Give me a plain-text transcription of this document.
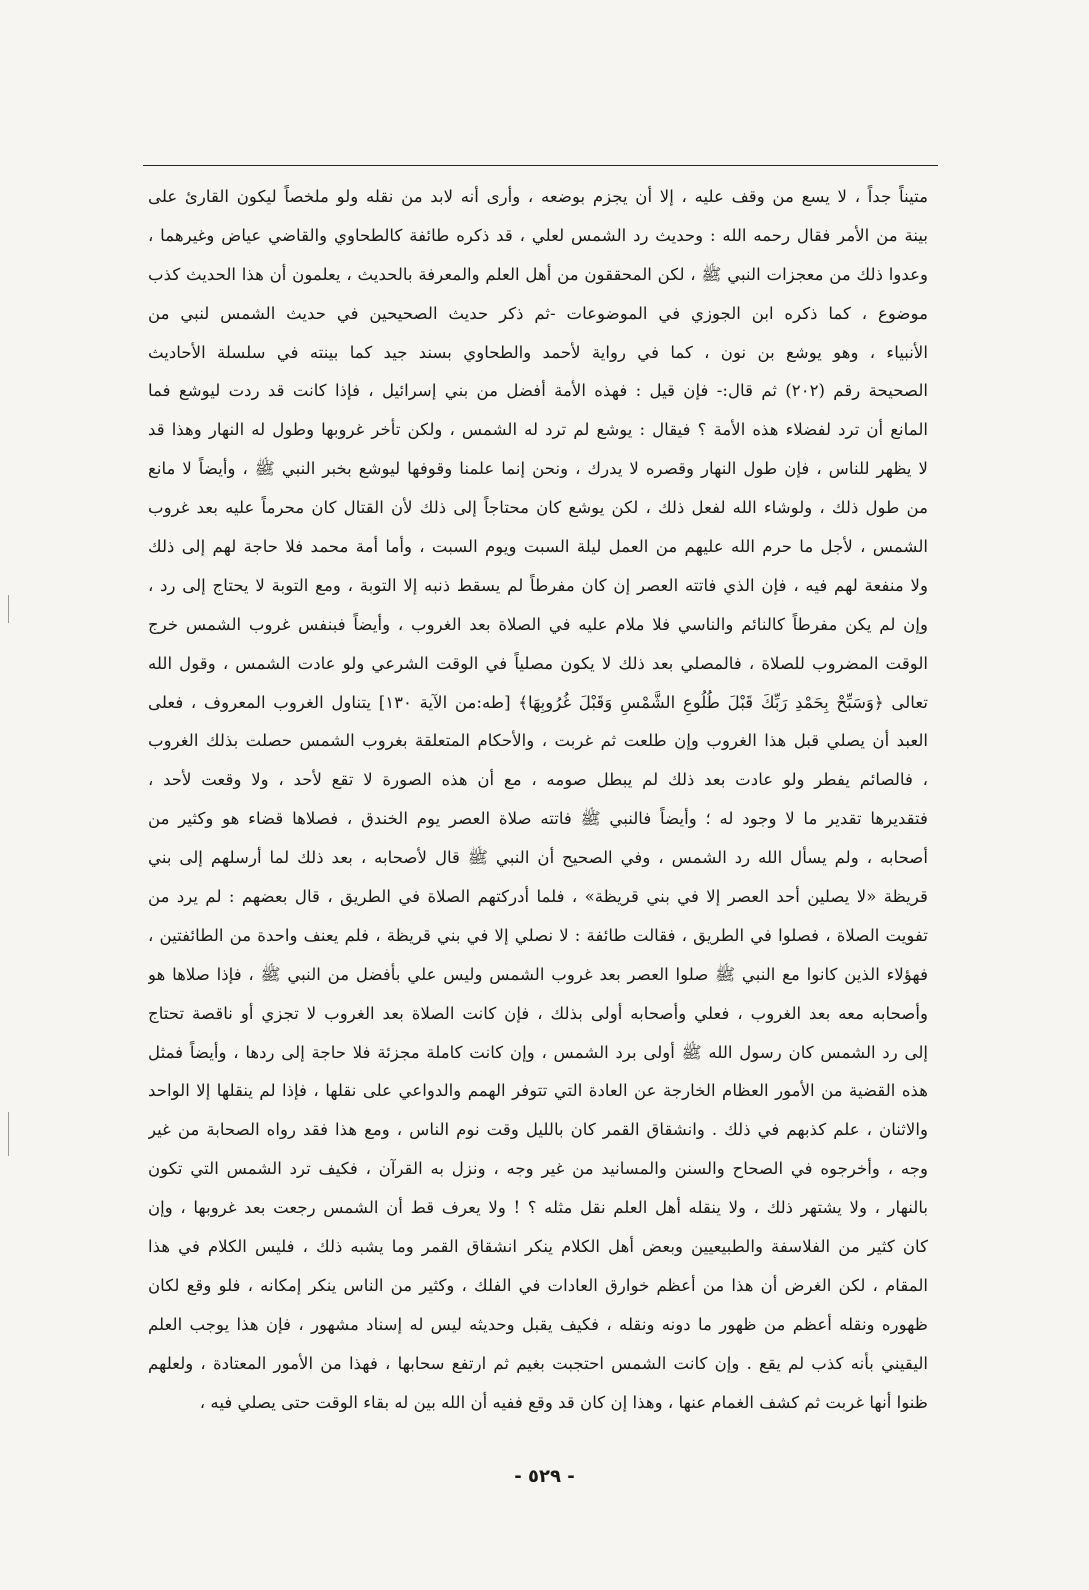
متيناً جداً ، لا يسع من وقف عليه ، إلا أن يجزم بوضعه ، وأرى أنه لابد من نقله ولو ملخصاً ليكون القارئ على
بينة من الأمر فقال رحمه الله : وحديث رد الشمس لعلي ، قد ذكره طائفة كالطحاوي والقاضي عياض وغيرهما ،
وعدوا ذلك من معجزات النبي ﷺ ، لكن المحققون من أهل العلم والمعرفة بالحديث ، يعلمون أن هذا الحديث كذب
موضوع ، كما ذكره ابن الجوزي في الموضوعات -ثم ذكر حديث الصحيحين في حديث الشمس لنبي من
الأنبياء ، وهو يوشع بن نون ، كما في رواية لأحمد والطحاوي بسند جيد كما بينته في سلسلة الأحاديث
الصحيحة رقم (٢٠٢) ثم قال:- فإن قيل : فهذه الأمة أفضل من بني إسرائيل ، فإذا كانت قد ردت ليوشع فما
المانع أن ترد لفضلاء هذه الأمة ؟ فيقال : يوشع لم ترد له الشمس ، ولكن تأخر غروبها وطول له النهار وهذا قد
لا يظهر للناس ، فإن طول النهار وقصره لا يدرك ، ونحن إنما علمنا وقوفها ليوشع بخبر النبي ﷺ ، وأيضاً لا مانع
من طول ذلك ، ولوشاء الله لفعل ذلك ، لكن يوشع كان محتاجاً إلى ذلك لأن القتال كان محرماً عليه بعد غروب
الشمس ، لأجل ما حرم الله عليهم من العمل ليلة السبت ويوم السبت ، وأما أمة محمد فلا حاجة لهم إلى ذلك
ولا منفعة لهم فيه ، فإن الذي فاتته العصر إن كان مفرطاً لم يسقط ذنبه إلا التوبة ، ومع التوبة لا يحتاج إلى رد ،
وإن لم يكن مفرطاً كالنائم والناسي فلا ملام عليه في الصلاة بعد الغروب ، وأيضاً فبنفس غروب الشمس خرج
الوقت المضروب للصلاة ، فالمصلي بعد ذلك لا يكون مصلياً في الوقت الشرعي ولو عادت الشمس ، وقول الله
تعالى ﴿وَسَبِّحْ بِحَمْدِ رَبِّكَ قَبْلَ طُلُوعِ الشَّمْسِ وَقَبْلَ غُرُوبِهَا﴾ [طه:من الآية ١٣٠] يتناول الغروب المعروف ، فعلى
العبد أن يصلي قبل هذا الغروب وإن طلعت ثم غربت ، والأحكام المتعلقة بغروب الشمس حصلت بذلك الغروب
، فالصائم يفطر ولو عادت بعد ذلك لم يبطل صومه ، مع أن هذه الصورة لا تقع لأحد ، ولا وقعت لأحد ،
فتقديرها تقدير ما لا وجود له ؛ وأيضاً فالنبي ﷺ فاتته صلاة العصر يوم الخندق ، فصلاها قضاء هو وكثير من
أصحابه ، ولم يسأل الله رد الشمس ، وفي الصحيح أن النبي ﷺ قال لأصحابه ، بعد ذلك لما أرسلهم إلى بني
قريظة «لا يصلين أحد العصر إلا في بني قريظة» ، فلما أدركتهم الصلاة في الطريق ، قال بعضهم : لم يرد من
تفويت الصلاة ، فصلوا في الطريق ، فقالت طائفة : لا نصلي إلا في بني قريظة ، فلم يعنف واحدة من الطائفتين ،
فهؤلاء الذين كانوا مع النبي ﷺ صلوا العصر بعد غروب الشمس وليس علي بأفضل من النبي ﷺ ، فإذا صلاها هو
وأصحابه معه بعد الغروب ، فعلي وأصحابه أولى بذلك ، فإن كانت الصلاة بعد الغروب لا تجزي أو ناقصة تحتاج
إلى رد الشمس كان رسول الله ﷺ أولى برد الشمس ، وإن كانت كاملة مجزئة فلا حاجة إلى ردها ، وأيضاً فمثل
هذه القضية من الأمور العظام الخارجة عن العادة التي تتوفر الهمم والدواعي على نقلها ، فإذا لم ينقلها إلا الواحد
والاثنان ، علم كذبهم في ذلك . وانشقاق القمر كان بالليل وقت نوم الناس ، ومع هذا فقد رواه الصحابة من غير
وجه ، وأخرجوه في الصحاح والسنن والمسانيد من غير وجه ، ونزل به القرآن ، فكيف ترد الشمس التي تكون
بالنهار ، ولا يشتهر ذلك ، ولا ينقله أهل العلم نقل مثله ؟ ! ولا يعرف قط أن الشمس رجعت بعد غروبها ، وإن
كان كثير من الفلاسفة والطبيعيين وبعض أهل الكلام ينكر انشقاق القمر وما يشبه ذلك ، فليس الكلام في هذا
المقام ، لكن الغرض أن هذا من أعظم خوارق العادات في الفلك ، وكثير من الناس ينكر إمكانه ، فلو وقع لكان
ظهوره ونقله أعظم من ظهور ما دونه ونقله ، فكيف يقبل وحديثه ليس له إسناد مشهور ، فإن هذا يوجب العلم
اليقيني بأنه كذب لم يقع . وإن كانت الشمس احتجبت بغيم ثم ارتفع سحابها ، فهذا من الأمور المعتادة ، ولعلهم
ظنوا أنها غربت ثم كشف الغمام عنها ، وهذا إن كان قد وقع ففيه أن الله بين له بقاء الوقت حتى يصلي فيه ،
- ٥٢٩ -
